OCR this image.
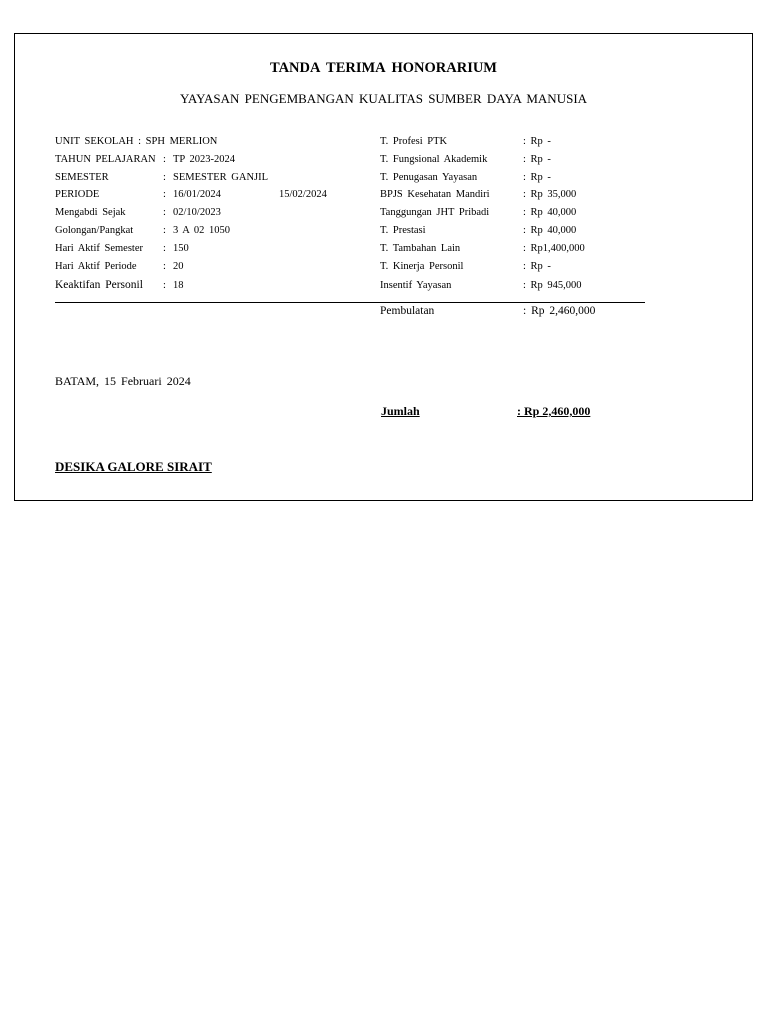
TANDA TERIMA HONORARIUM
YAYASAN PENGEMBANGAN KUALITAS SUMBER DAYA MANUSIA
UNIT SEKOLAH : SPH MERLION
TAHUN PELAJARAN : TP 2023-2024
SEMESTER	: SEMESTER GANJIL
PERIODE	: 16/01/2024	15/02/2024
Mengabdi Sejak	: 02/10/2023
Golongan/Pangkat	: 3 A 02 1050
Hari Aktif Semester : 150
Hari Aktif Periode	: 20
Keaktifan Personil : 18
T. Profesi PTK	: Rp -
T. Fungsional Akademik	: Rp -
T. Penugasan Yayasan	: Rp -
BPJS Kesehatan Mandiri	: Rp 35,000
Tanggungan JHT Pribadi	: Rp 40,000
T. Prestasi	: Rp 40,000
T. Tambahan Lain	: Rp1,400,000
T. Kinerja Personil	: Rp -
Insentif Yayasan	: Rp 945,000
Pembulatan	: Rp 2,460,000
BATAM, 15 Februari 2024
Jumlah	: Rp 2,460,000
DESIKA GALORE SIRAIT
